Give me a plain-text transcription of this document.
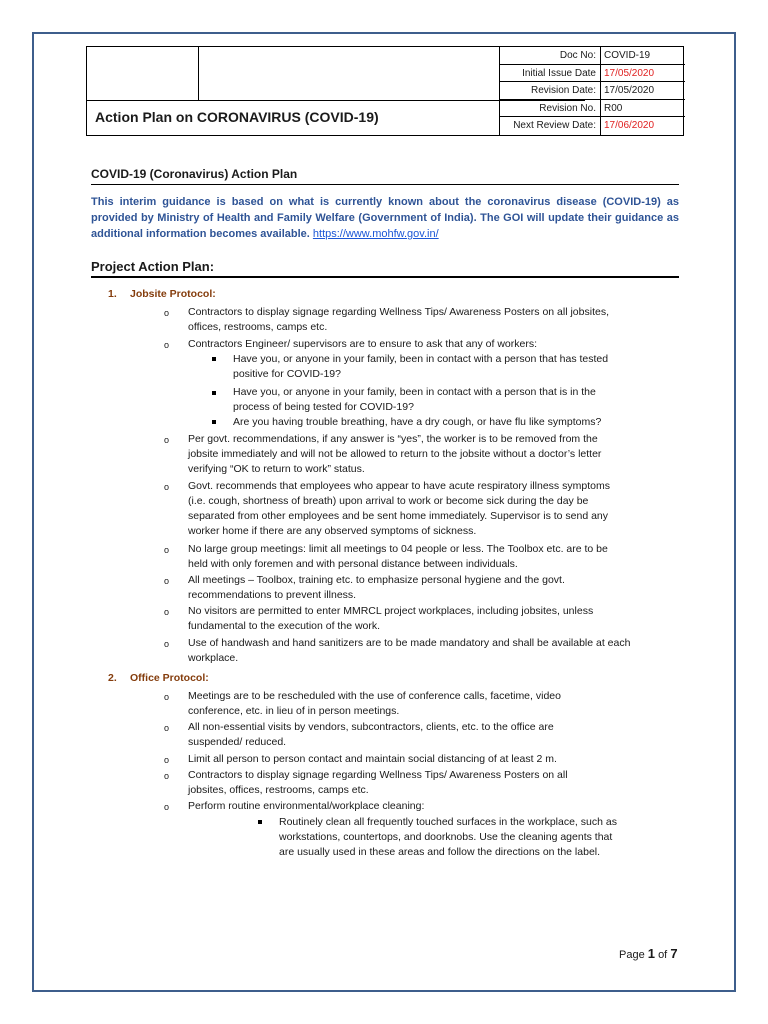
Action Plan on CORONAVIRUS (COVID-19)
Doc No: COVID-19
Initial Issue Date 17/05/2020
Revision Date: 17/05/2020
Revision No. R00
Next Review Date: 17/06/2020
COVID-19 (Coronavirus) Action Plan
This interim guidance is based on what is currently known about the coronavirus disease (COVID-19) as provided by Ministry of Health and Family Welfare (Government of India). The GOI will update their guidance as additional information becomes available. https://www.mohfw.gov.in/
Project Action Plan:
1. Jobsite Protocol:
o Contractors to display signage regarding Wellness Tips/ Awareness Posters on all jobsites,
offices, restrooms, camps etc.
o Contractors Engineer/ supervisors are to ensure to ask that any of workers:
Have you, or anyone in your family, been in contact with a person that has tested
positive for COVID-19?
Have you, or anyone in your family, been in contact with a person that is in the
process of being tested for COVID-19?
Are you having trouble breathing, have a dry cough, or have flu like symptoms?
o Per govt. recommendations, if any answer is “yes”, the worker is to be removed from the
jobsite immediately and will not be allowed to return to the jobsite without a doctor’s letter
verifying “OK to return to work” status.
o Govt. recommends that employees who appear to have acute respiratory illness symptoms
(i.e. cough, shortness of breath) upon arrival to work or become sick during the day be
separated from other employees and be sent home immediately. Supervisor is to send any
worker home if there are any observed symptoms of sickness.
o No large group meetings: limit all meetings to 04 people or less. The Toolbox etc. are to be
held with only foremen and with personal distance between individuals.
o All meetings – Toolbox, training etc. to emphasize personal hygiene and the govt.
recommendations to prevent illness.
o No visitors are permitted to enter MMRCL project workplaces, including jobsites, unless
fundamental to the execution of the work.
o Use of handwash and hand sanitizers are to be made mandatory and shall be available at each
workplace.
2. Office Protocol:
o Meetings are to be rescheduled with the use of conference calls, facetime, video
conference, etc. in lieu of in person meetings.
o All non-essential visits by vendors, subcontractors, clients, etc. to the office are
suspended/ reduced.
o Limit all person to person contact and maintain social distancing of at least 2 m.
o Contractors to display signage regarding Wellness Tips/ Awareness Posters on all
jobsites, offices, restrooms, camps etc.
o Perform routine environmental/workplace cleaning:
Routinely clean all frequently touched surfaces in the workplace, such as
workstations, countertops, and doorknobs. Use the cleaning agents that
are usually used in these areas and follow the directions on the label.
Page 1 of 7
